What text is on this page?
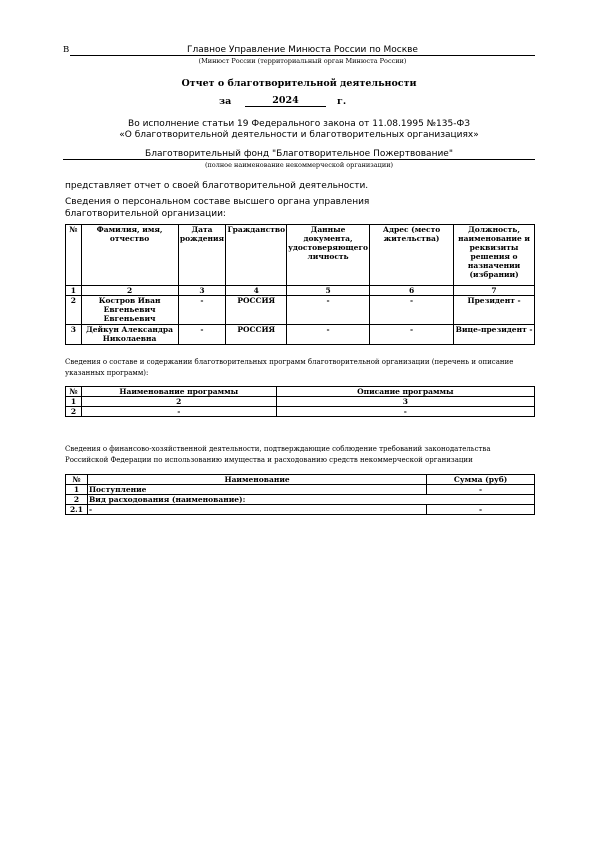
В	Главное Управление Минюста России по Москве
(Минюст России (территориальный орган Минюста России)
Отчет о благотворительной деятельности
за	2024	г.
Во исполнение статьи 19 Федерального закона от 11.08.1995 №135-ФЗ
«О благотворительной деятельности и благотворительных организациях»
Благотворительный фонд "Благотворительное Пожертвование"
(полное наименование некоммерческой организации)
представляет отчет о своей благотворительной деятельности.
Сведения о персональном составе высшего органа управления
благотворительной организации:
№	Фамилия, имя, отчество	Дата рождения	Гражданство	Данные документа, удостоверяющего личность	Адрес (место жительства)	Должность, наименование и реквизиты решения о назначении (избрании)
1	2	3	4	5	6	7
2	Костров Иван Евгеньевич Евгеньевич	-	РОССИЯ	-	-	Президент -
3	Дейкун Александра Николаевна	-	РОССИЯ	-	-	Вице-президент -
Сведения о составе и содержании благотворительных программ благотворительной организации (перечень и описание указанных программ):
№	Наименование программы	Описание программы
1	2	3
2	-	-
Сведения о финансово-хозяйственной деятельности, подтверждающие соблюдение требований законодательства Российской Федерации по использованию имущества и расходованию средств некоммерческой организации
№	Наименование	Сумма (руб)
1	Поступление	-
2	Вид расходования (наименование):	
2.1	-	-
